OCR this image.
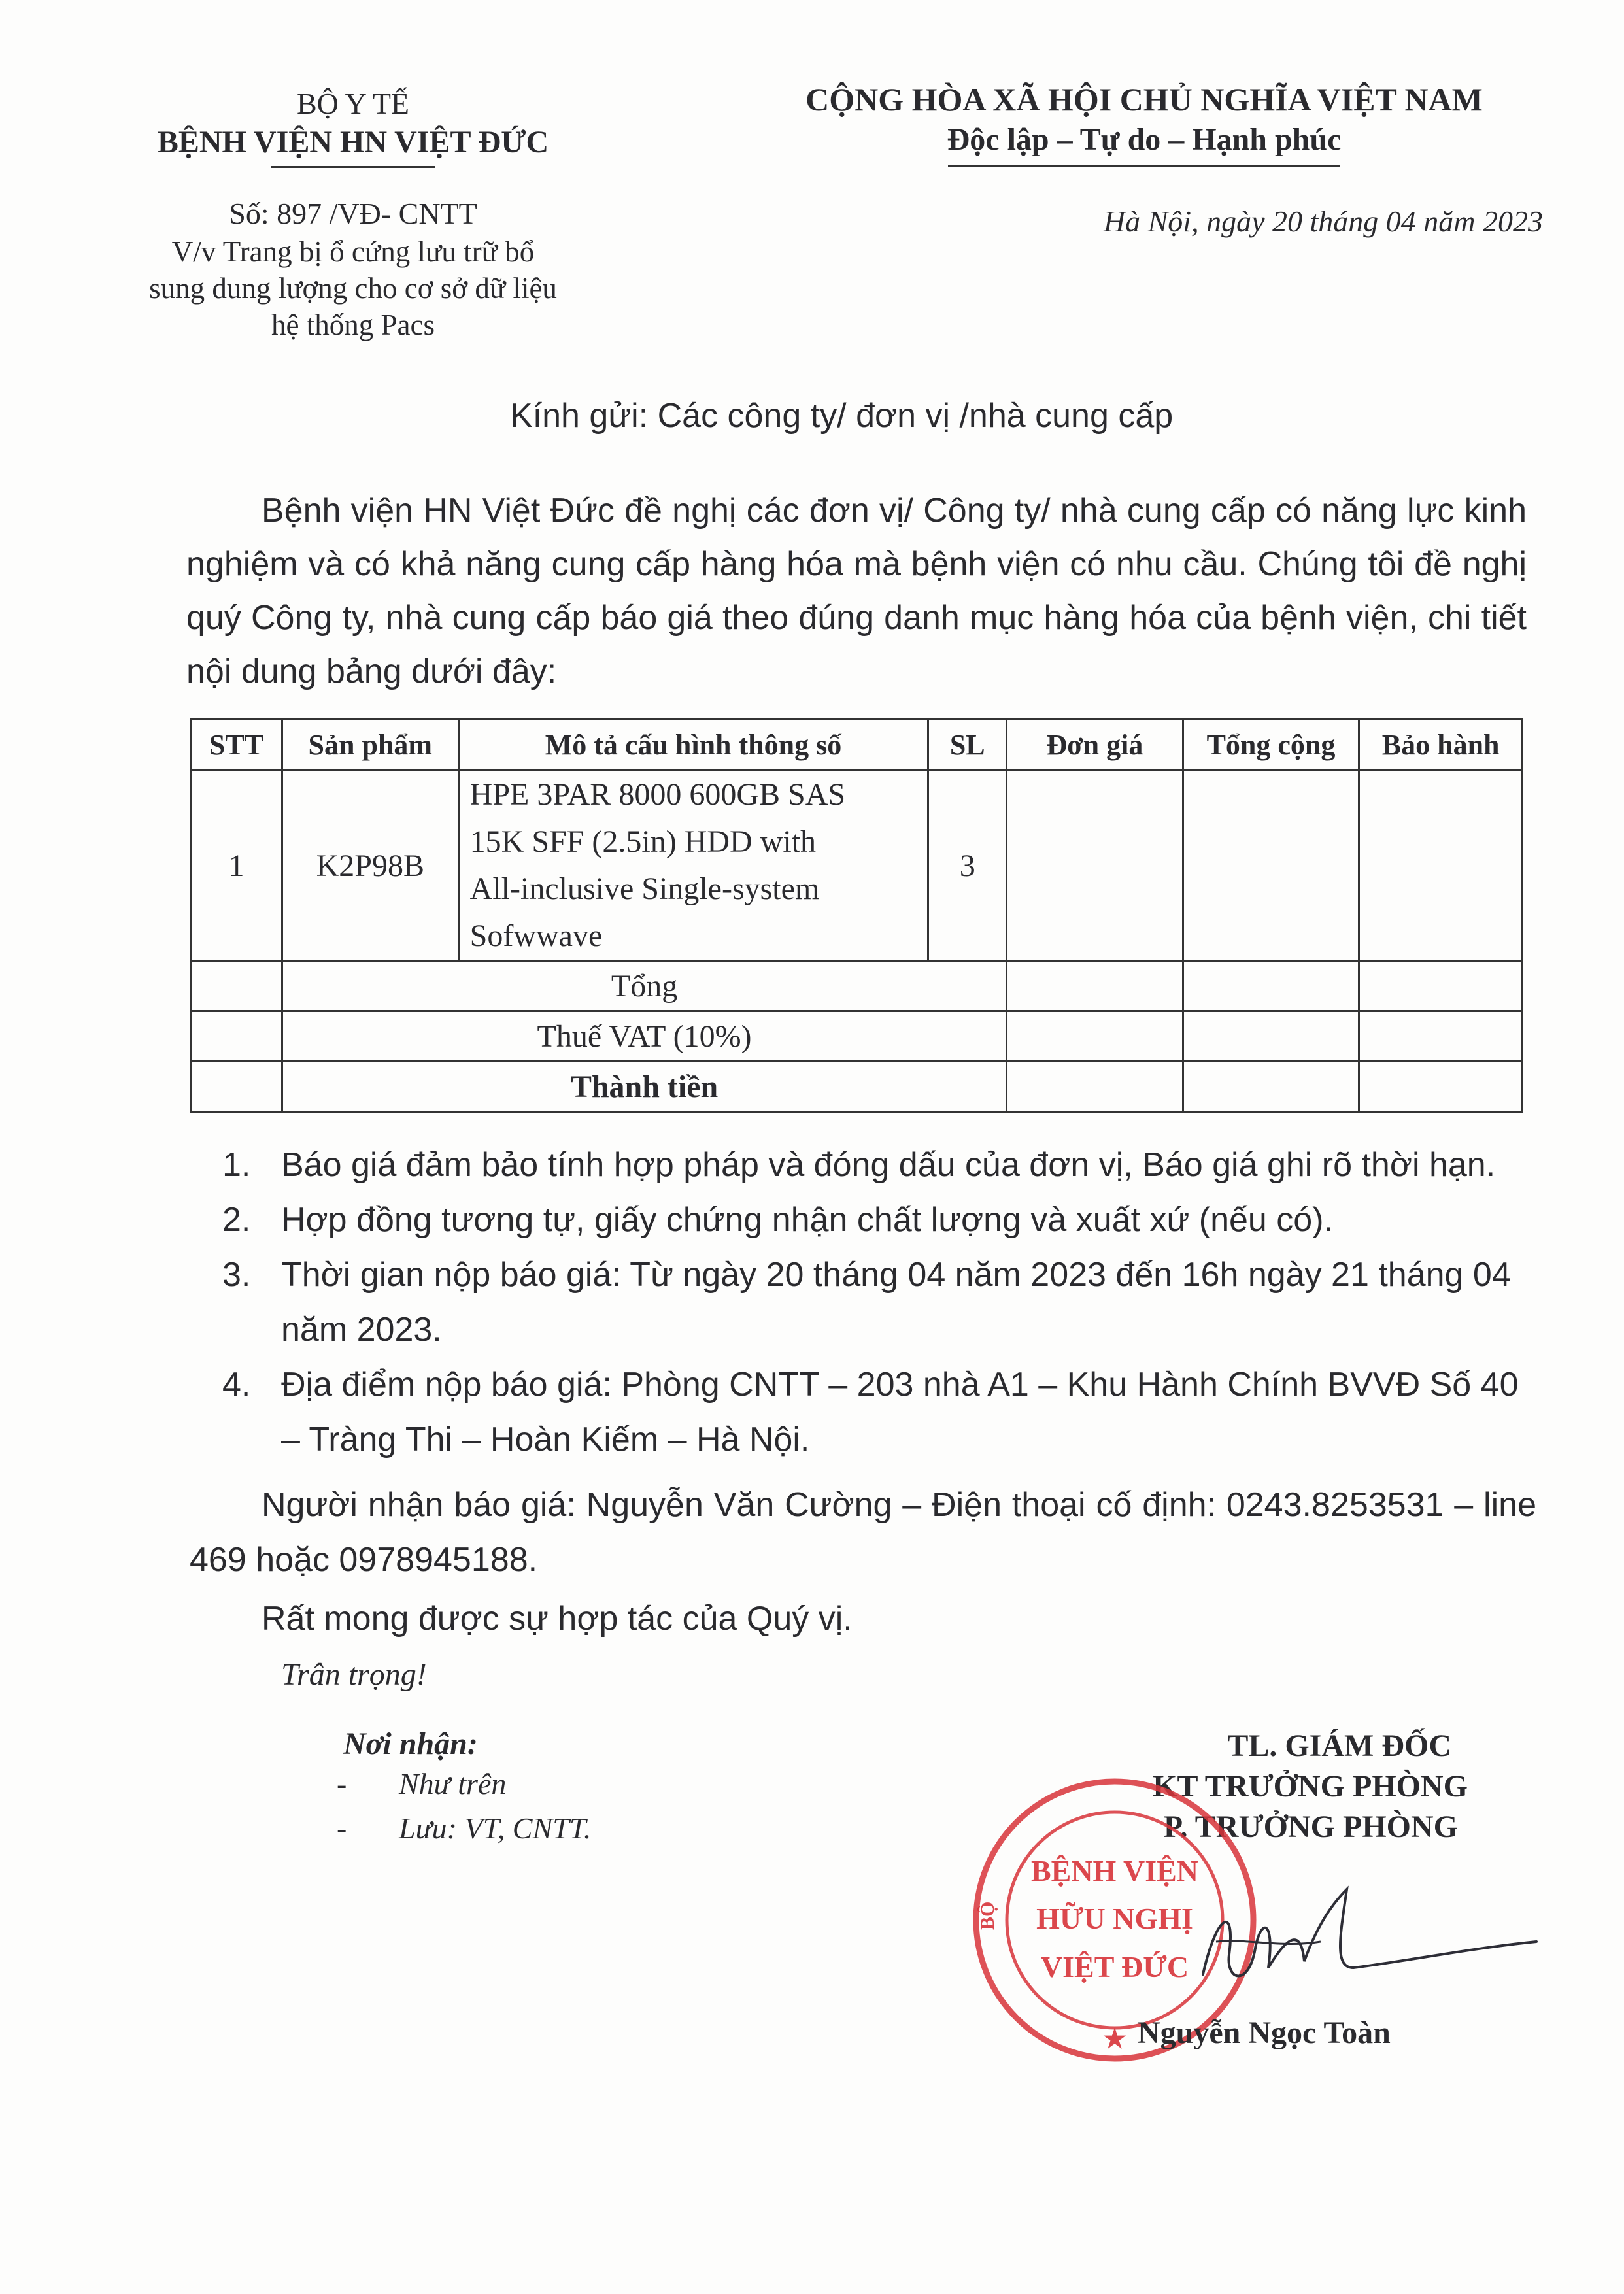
BỘ Y TẾ
BỆNH VIỆN HN VIỆT ĐỨC
Số: 897 /VĐ- CNTT
V/v Trang bị ổ cứng lưu trữ bổ
sung dung lượng cho cơ sở dữ liệu
hệ thống Pacs
CỘNG HÒA XÃ HỘI CHỦ NGHĨA VIỆT NAM
Độc lập – Tự do – Hạnh phúc
Hà Nội, ngày 20 tháng 04 năm 2023
Kính gửi: Các công ty/ đơn vị /nhà cung cấp

Bệnh viện HN Việt Đức đề nghị các đơn vị/ Công ty/ nhà cung cấp có năng lực kinh nghiệm và có khả năng cung cấp hàng hóa mà bệnh viện có nhu cầu. Chúng tôi đề nghị quý Công ty, nhà cung cấp báo giá theo đúng danh mục hàng hóa của bệnh viện, chi tiết nội dung bảng dưới đây:

STT	Sản phẩm	Mô tả cấu hình thông số	SL	Đơn giá	Tổng cộng	Bảo hành
1	K2P98B	HPE 3PAR 8000 600GB SAS
15K SFF (2.5in) HDD with
All-inclusive Single-system
Sofwwave	3			
	Tổng					
	Thuế VAT (10%)					
	Thành tiền					
1. Báo giá đảm bảo tính hợp pháp và đóng dấu của đơn vị, Báo giá ghi rõ thời hạn.
2. Hợp đồng tương tự, giấy chứng nhận chất lượng và xuất xứ (nếu có).
3. Thời gian nộp báo giá: Từ ngày 20 tháng 04 năm 2023 đến 16h ngày 21 tháng 04 năm 2023.
4. Địa điểm nộp báo giá: Phòng CNTT – 203 nhà A1 – Khu Hành Chính BVVĐ Số 40 – Tràng Thi – Hoàn Kiếm – Hà Nội.
Người nhận báo giá: Nguyễn Văn Cường – Điện thoại cố định: 0243.8253531 – line 469 hoặc 0978945188.
Rất mong được sự hợp tác của Quý vị.
Trân trọng!
Nơi nhận:
- Như trên
- Lưu: VT, CNTT.
TL. GIÁM ĐỐC
KT TRƯỞNG PHÒNG
P. TRƯỞNG PHÒNG
BỆNH VIỆN
HỮU NGHỊ
VIỆT ĐỨC
BỘ
★ Nguyễn Ngọc Toàn
